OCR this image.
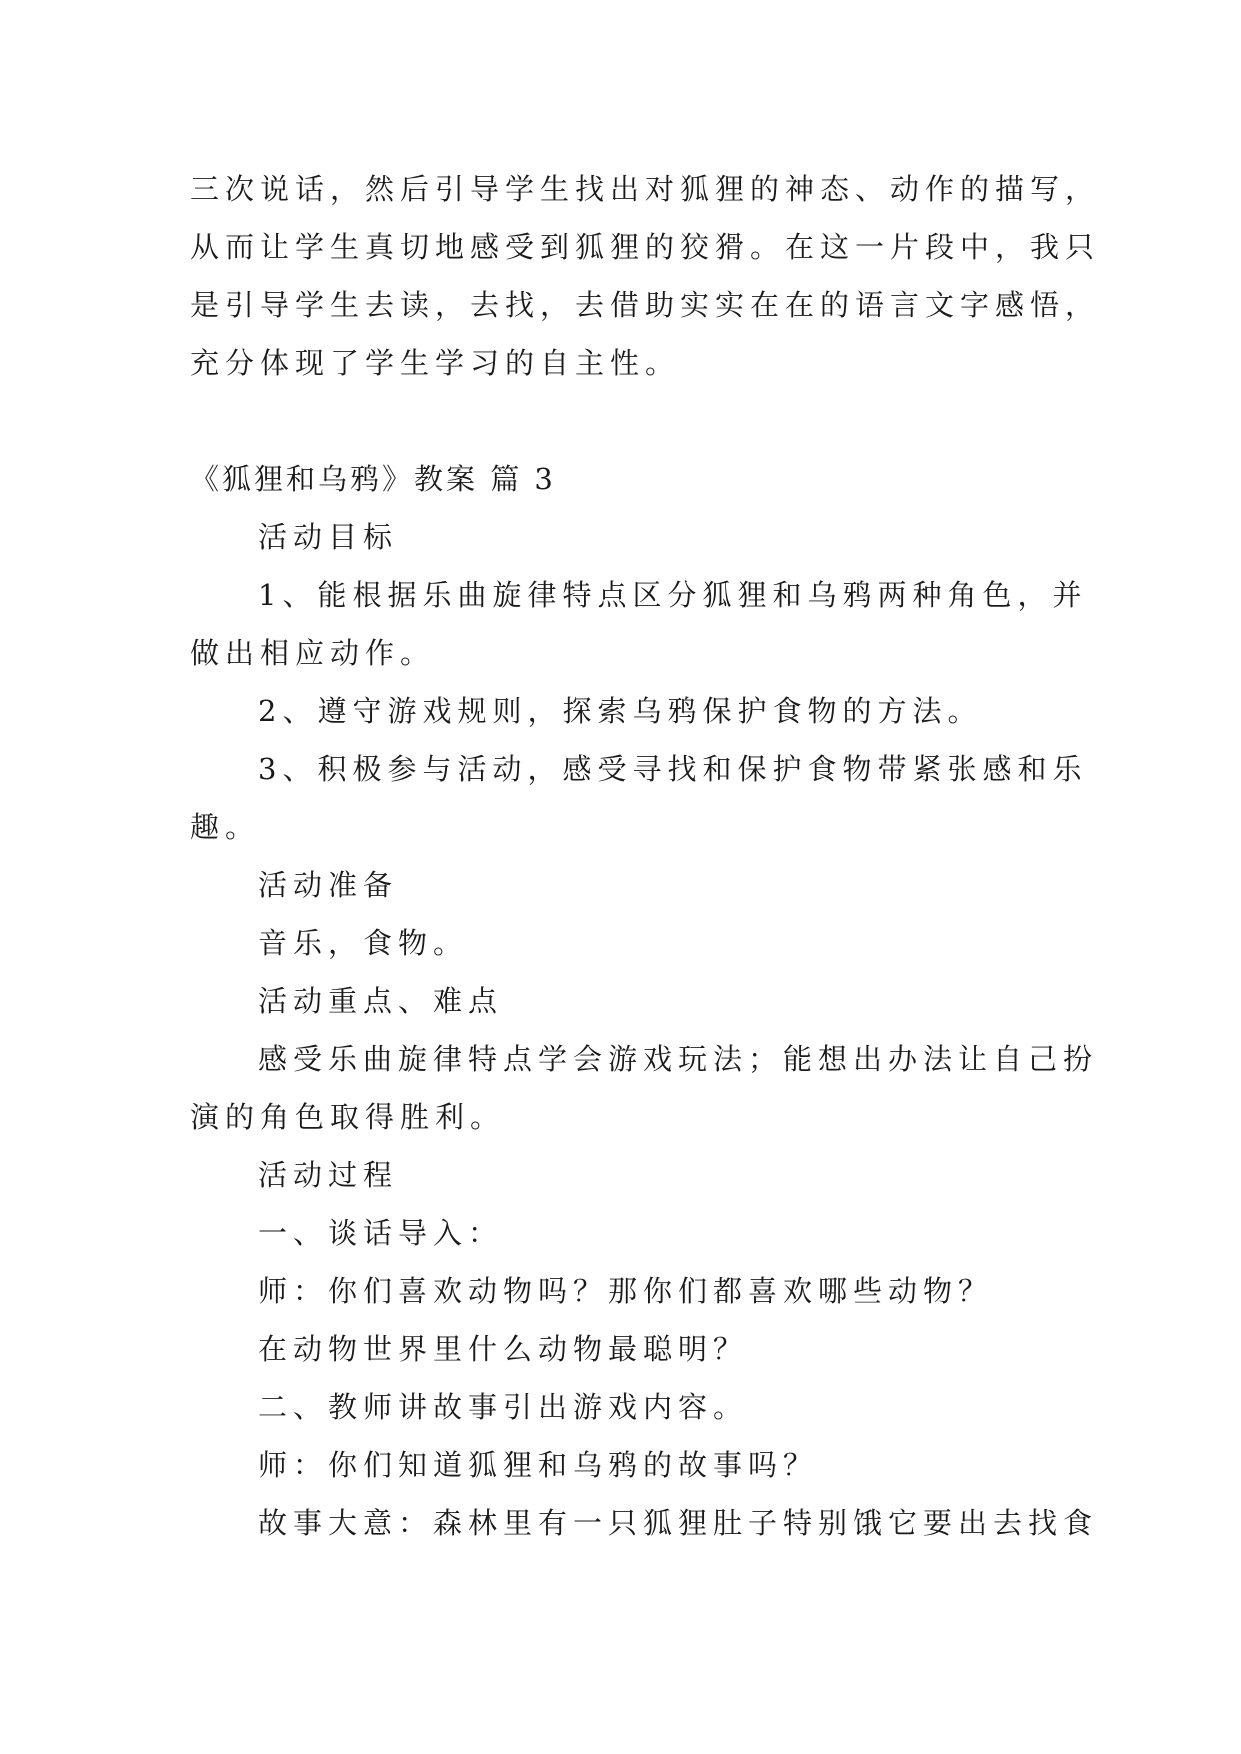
三次说话，然后引导学生找出对狐狸的神态、动作的描写，
从而让学生真切地感受到狐狸的狡猾。在这一片段中，我只
是引导学生去读，去找，去借助实实在在的语言文字感悟，
充分体现了学生学习的自主性。
《狐狸和乌鸦》教案 篇 3
活动目标
1、能根据乐曲旋律特点区分狐狸和乌鸦两种角色，并
做出相应动作。
2、遵守游戏规则，探索乌鸦保护食物的方法。
3、积极参与活动，感受寻找和保护食物带紧张感和乐
趣。
活动准备
音乐，食物。
活动重点、难点
感受乐曲旋律特点学会游戏玩法；能想出办法让自己扮
演的角色取得胜利。
活动过程
一、谈话导入：
师：你们喜欢动物吗？那你们都喜欢哪些动物？
在动物世界里什么动物最聪明？
二、教师讲故事引出游戏内容。
师：你们知道狐狸和乌鸦的故事吗？
故事大意：森林里有一只狐狸肚子特别饿它要出去找食
